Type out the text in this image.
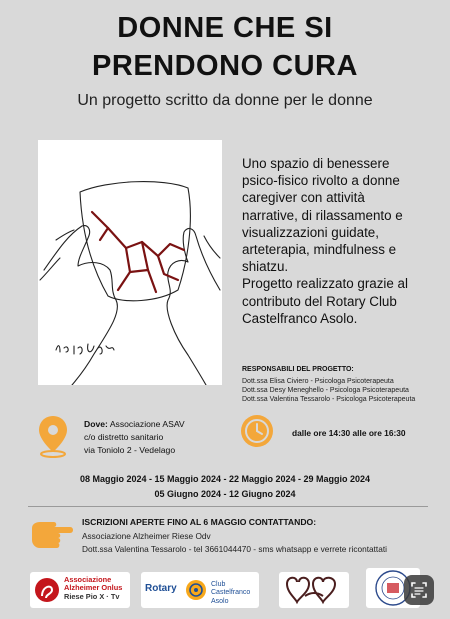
DONNE CHE SI
PRENDONO CURA
Un progetto scritto da donne per le donne
Uno spazio di benessere
psico-fisico rivolto a donne
caregiver con attività
narrative, di rilassamento e
visualizzazioni guidate,
arteterapia, mindfulness e
shiatzu.
Progetto realizzato grazie al
contributo del Rotary Club
Castelfranco Asolo.
RESPONSABILI DEL PROGETTO:
Dott.ssa Elisa Civiero - Psicologa Psicoterapeuta
Dott.ssa Desy Meneghello - Psicologa Psicoterapeuta
Dott.ssa Valentina Tessarolo - Psicologa Psicoterapeuta
Dove: Associazione ASAV
c/o distretto sanitario
via Toniolo 2 - Vedelago
dalle ore 14:30 alle ore 16:30
08 Maggio 2024 - 15 Maggio 2024 - 22 Maggio 2024 - 29 Maggio 2024
05 Giugno 2024 - 12 Giugno 2024
ISCRIZIONI APERTE FINO AL 6 MAGGIO CONTATTANDO:
Associazione Alzheimer Riese Odv
Dott.ssa Valentina Tessarolo - tel 3661044470 - sms whatsapp e verrete ricontattati
Associazione
Alzheimer Onlus
Riese Pio X · Tv
Rotary	Club Castelfranco
Asolo
